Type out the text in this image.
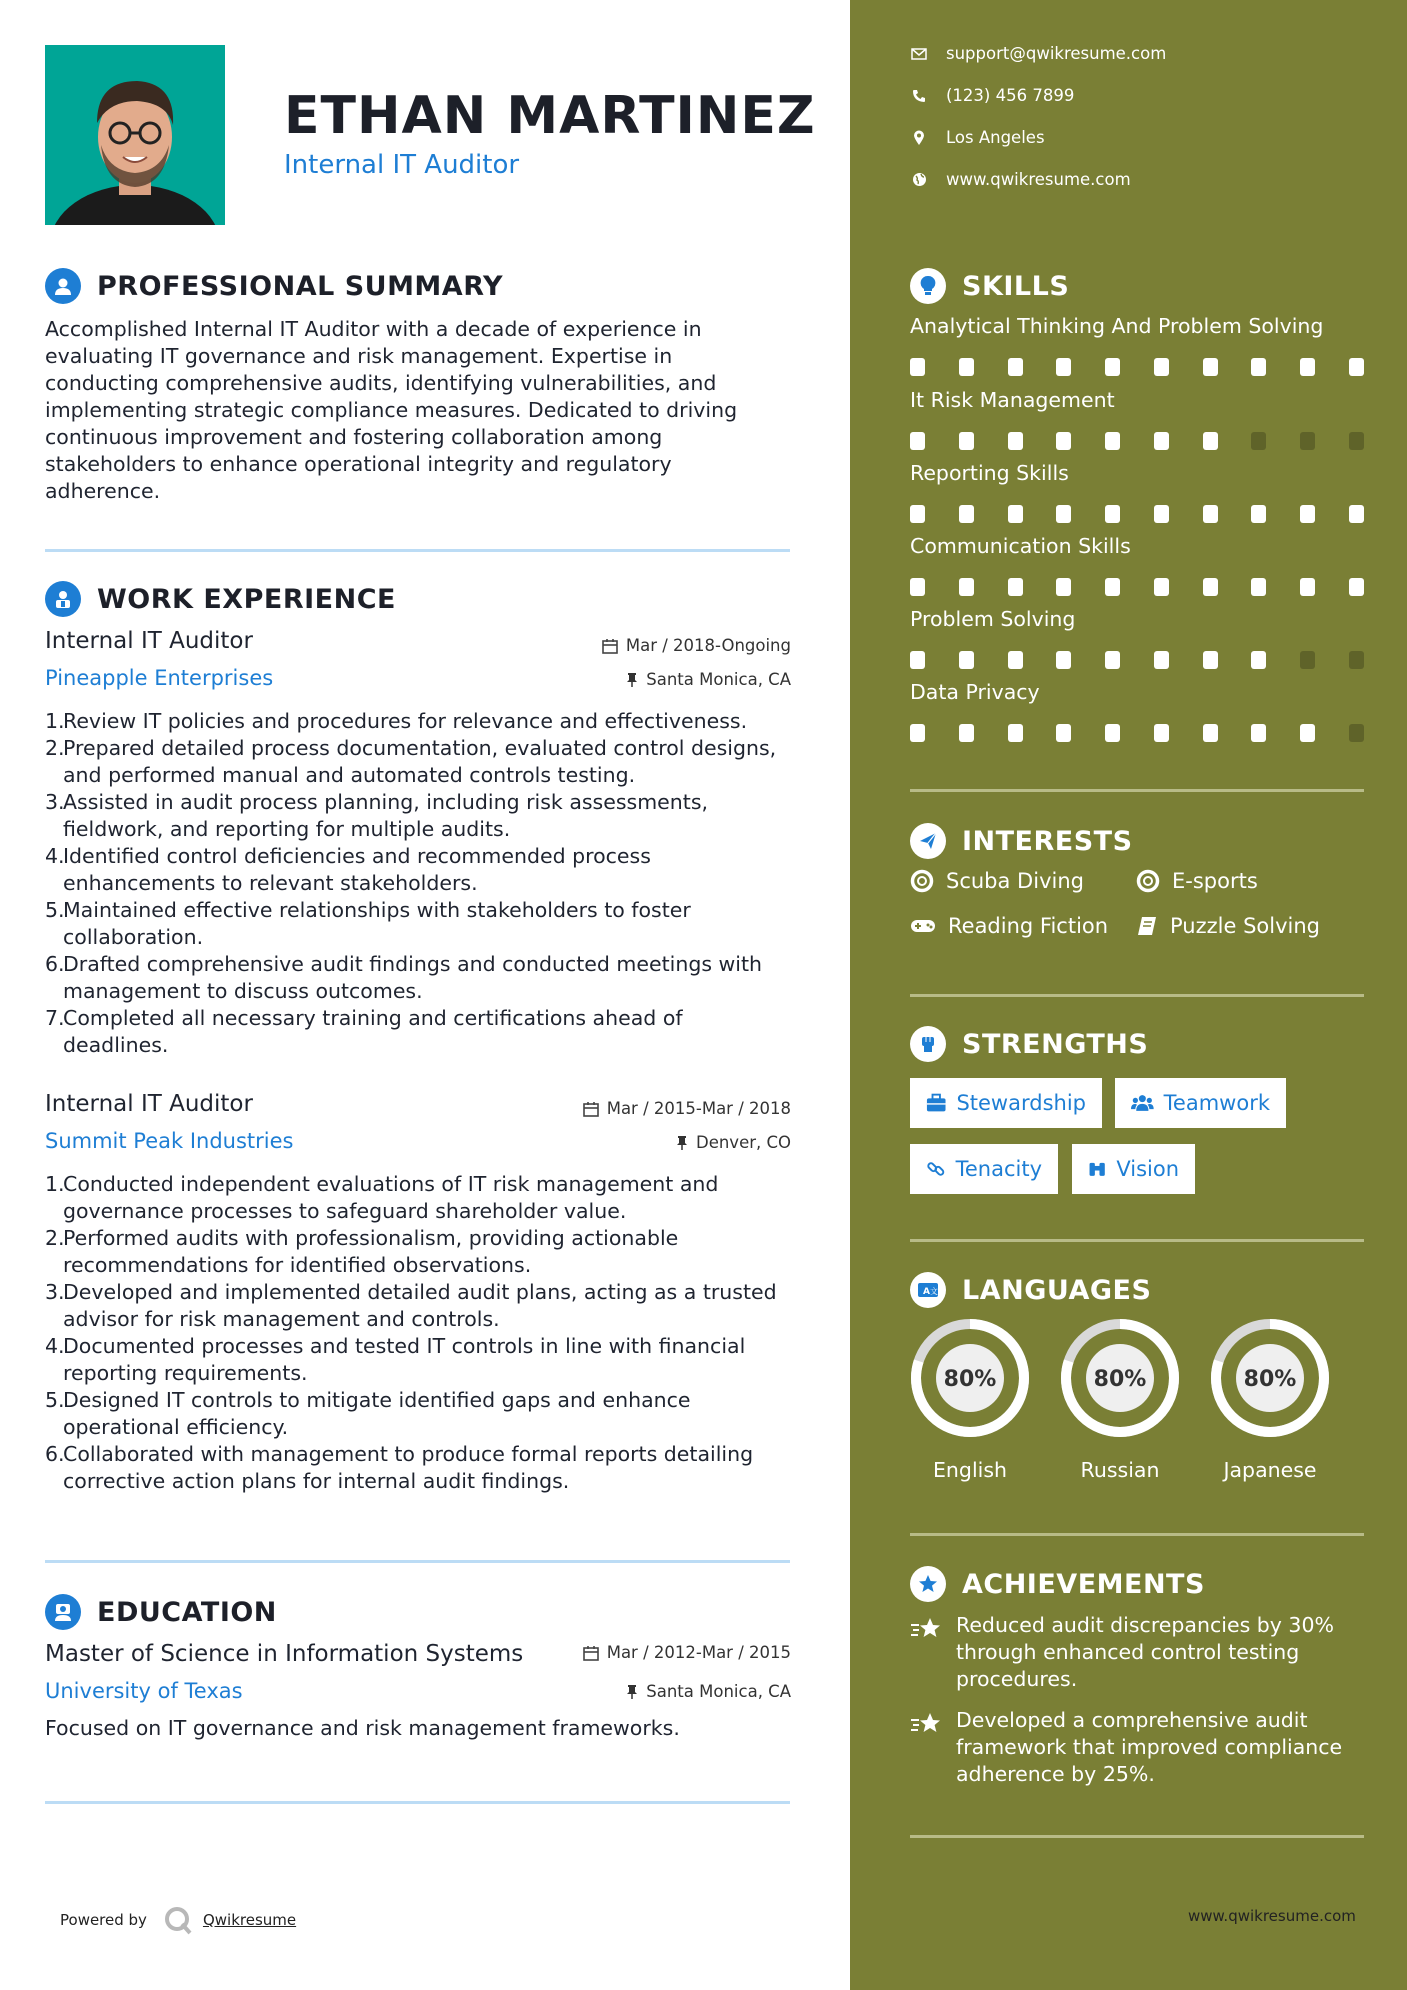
ETHAN MARTINEZ
Internal IT Auditor
PROFESSIONAL SUMMARY
Accomplished Internal IT Auditor with a decade of experience in evaluating IT governance and risk management. Expertise in conducting comprehensive audits, identifying vulnerabilities, and implementing strategic compliance measures. Dedicated to driving continuous improvement and fostering collaboration among stakeholders to enhance operational integrity and regulatory adherence.
WORK EXPERIENCE
Internal IT Auditor
Pineapple Enterprises
Mar / 2018-Ongoing
Santa Monica, CA
1.
Review IT policies and procedures for relevance and effectiveness.
2.
Prepared detailed process documentation, evaluated control designs, and performed manual and automated controls testing.
3.
Assisted in audit process planning, including risk assessments, fieldwork, and reporting for multiple audits.
4.
Identified control deficiencies and recommended process enhancements to relevant stakeholders.
5.
Maintained effective relationships with stakeholders to foster collaboration.
6.
Drafted comprehensive audit findings and conducted meetings with management to discuss outcomes.
7.
Completed all necessary training and certifications ahead of deadlines.
Internal IT Auditor
Summit Peak Industries
Mar / 2015-Mar / 2018
Denver, CO
1.
Conducted independent evaluations of IT risk management and governance processes to safeguard shareholder value.
2.
Performed audits with professionalism, providing actionable recommendations for identified observations.
3.
Developed and implemented detailed audit plans, acting as a trusted advisor for risk management and controls.
4.
Documented processes and tested IT controls in line with financial reporting requirements.
5.
Designed IT controls to mitigate identified gaps and enhance operational efficiency.
6.
Collaborated with management to produce formal reports detailing corrective action plans for internal audit findings.
EDUCATION
Master of Science in Information Systems
University of Texas
Mar / 2012-Mar / 2015
Santa Monica, CA
Focused on IT governance and risk management frameworks.
Powered by	Qwikresume
support@qwikresume.com
(123) 456 7899
Los Angeles
www.qwikresume.com
SKILLS
Analytical Thinking And Problem Solving
It Risk Management
Reporting Skills
Communication Skills
Problem Solving
Data Privacy
INTERESTS
Scuba Diving	E-sports
Reading Fiction	Puzzle Solving
STRENGTHS
Stewardship	Teamwork
Tenacity	Vision
A 文 LANGUAGES
80%
English
80%
Russian
80%
Japanese
ACHIEVEMENTS
Reduced audit discrepancies by 30% through enhanced control testing procedures.
Developed a comprehensive audit framework that improved compliance adherence by 25%.
www.qwikresume.com
